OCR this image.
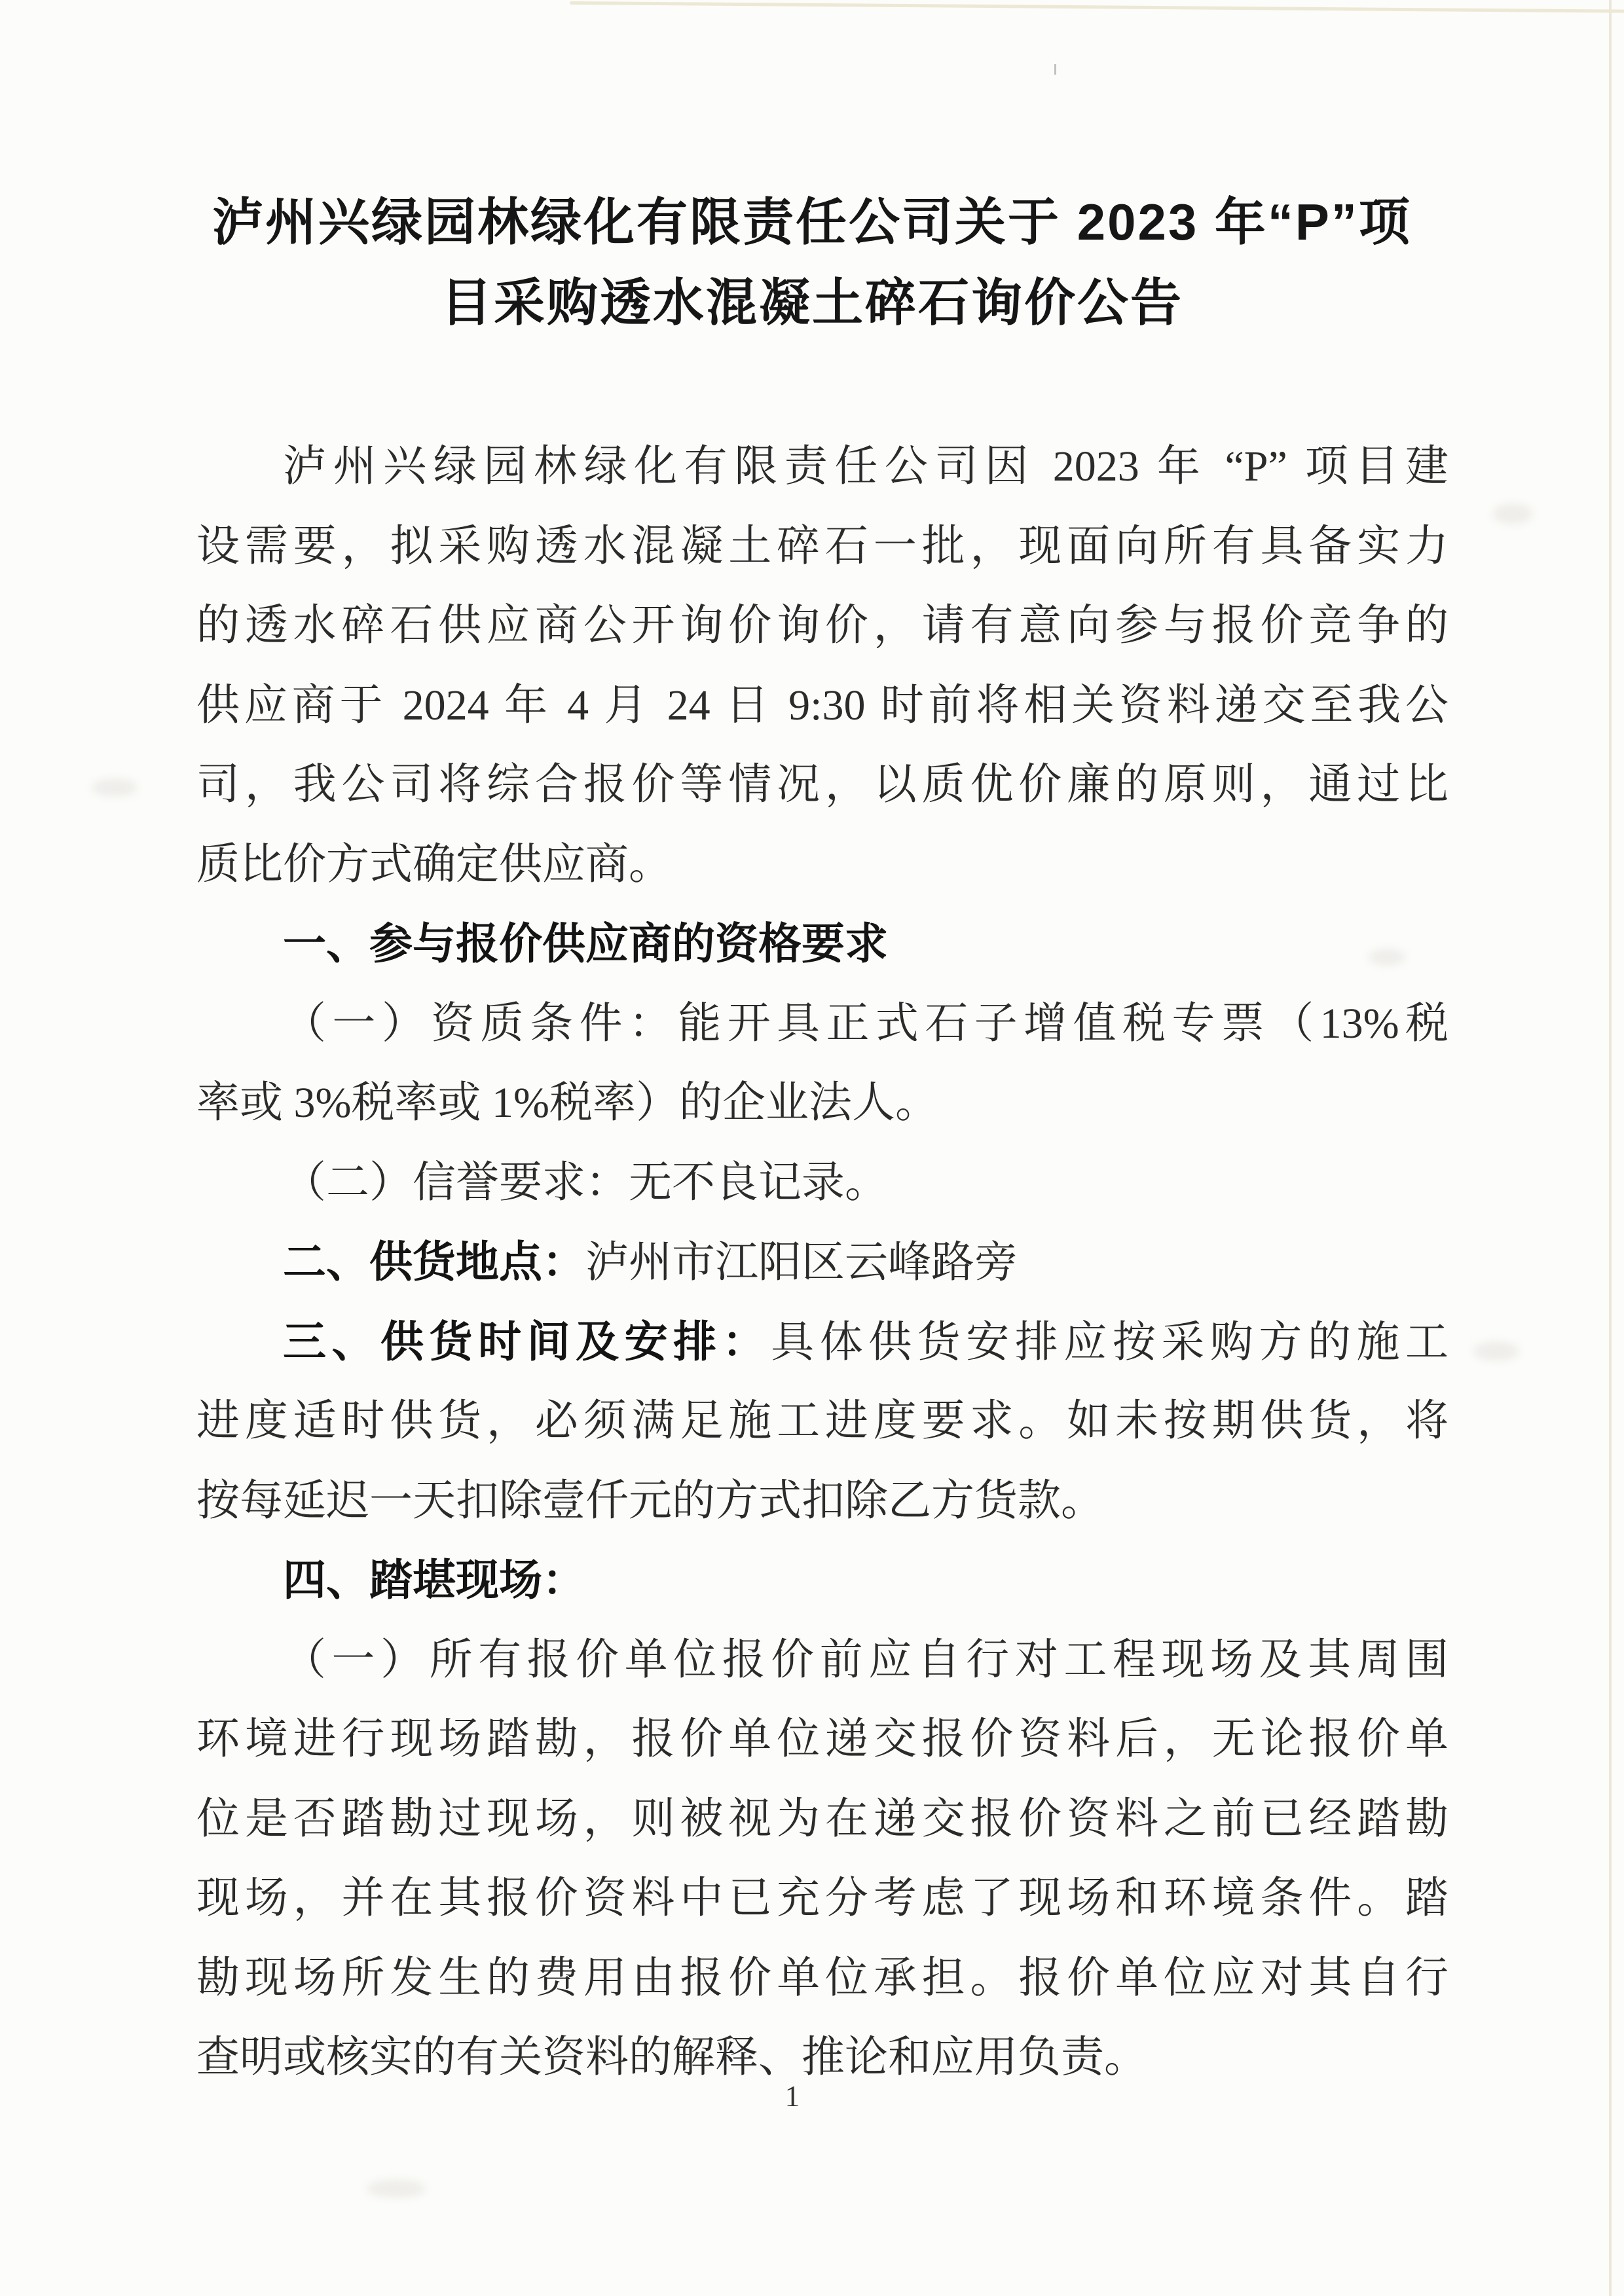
泸州兴绿园林绿化有限责任公司关于 2023 年“P”项
目采购透水混凝土碎石询价公告
泸州兴绿园林绿化有限责任公司因 2023 年 “P” 项目建
设需要，拟采购透水混凝土碎石一批，现面向所有具备实力
的透水碎石供应商公开询价询价，请有意向参与报价竞争的
供应商于 2024 年 4 月 24 日 9:30 时前将相关资料递交至我公
司，我公司将综合报价等情况，以质优价廉的原则，通过比
质比价方式确定供应商。
一、参与报价供应商的资格要求
（一）资质条件：能开具正式石子增值税专票（13%税
率或 3%税率或 1%税率）的企业法人。
（二）信誉要求：无不良记录。
二、供货地点：泸州市江阳区云峰路旁
三、供货时间及安排：具体供货安排应按采购方的施工
进度适时供货，必须满足施工进度要求。如未按期供货，将
按每延迟一天扣除壹仟元的方式扣除乙方货款。
四、踏堪现场：
（一）所有报价单位报价前应自行对工程现场及其周围
环境进行现场踏勘，报价单位递交报价资料后，无论报价单
位是否踏勘过现场，则被视为在递交报价资料之前已经踏勘
现场，并在其报价资料中已充分考虑了现场和环境条件。踏
勘现场所发生的费用由报价单位承担。报价单位应对其自行
查明或核实的有关资料的解释、推论和应用负责。
1
